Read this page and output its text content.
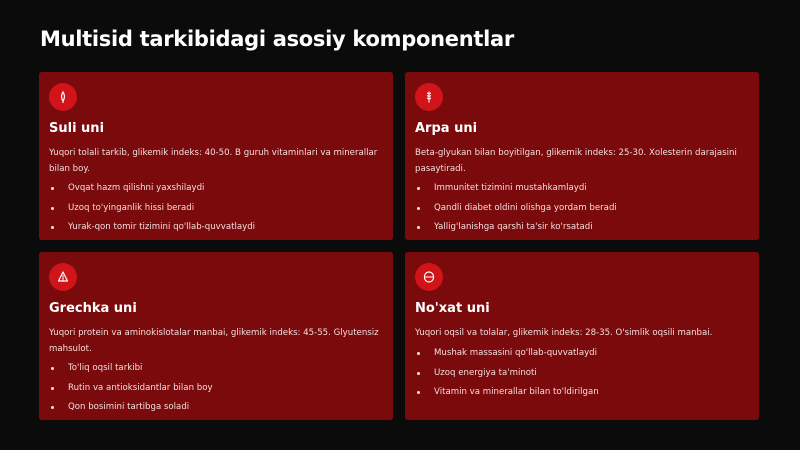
Multisid tarkibidagi asosiy komponentlar
Suli uni
Yuqori tolali tarkib, glikemik indeks: 40-50. B guruh vitaminlari va minerallar bilan boy.
Ovqat hazm qilishni yaxshilaydi
Uzoq to'yinganlik hissi beradi
Yurak-qon tomir tizimini qo'llab-quvvatlaydi
Arpa uni
Beta-glyukan bilan boyitilgan, glikemik indeks: 25-30. Xolesterin darajasini pasaytiradi.
Immunitet tizimini mustahkamlaydi
Qandli diabet oldini olishga yordam beradi
Yallig'lanishga qarshi ta'sir ko'rsatadi
Grechka uni
Yuqori protein va aminokislotalar manbai, glikemik indeks: 45-55. Glyutensiz mahsulot.
To'liq oqsil tarkibi
Rutin va antioksidantlar bilan boy
Qon bosimini tartibga soladi
No'xat uni
Yuqori oqsil va tolalar, glikemik indeks: 28-35. O'simlik oqsili manbai.
Mushak massasini qo'llab-quvvatlaydi
Uzoq energiya ta'minoti
Vitamin va minerallar bilan to'ldirilgan
